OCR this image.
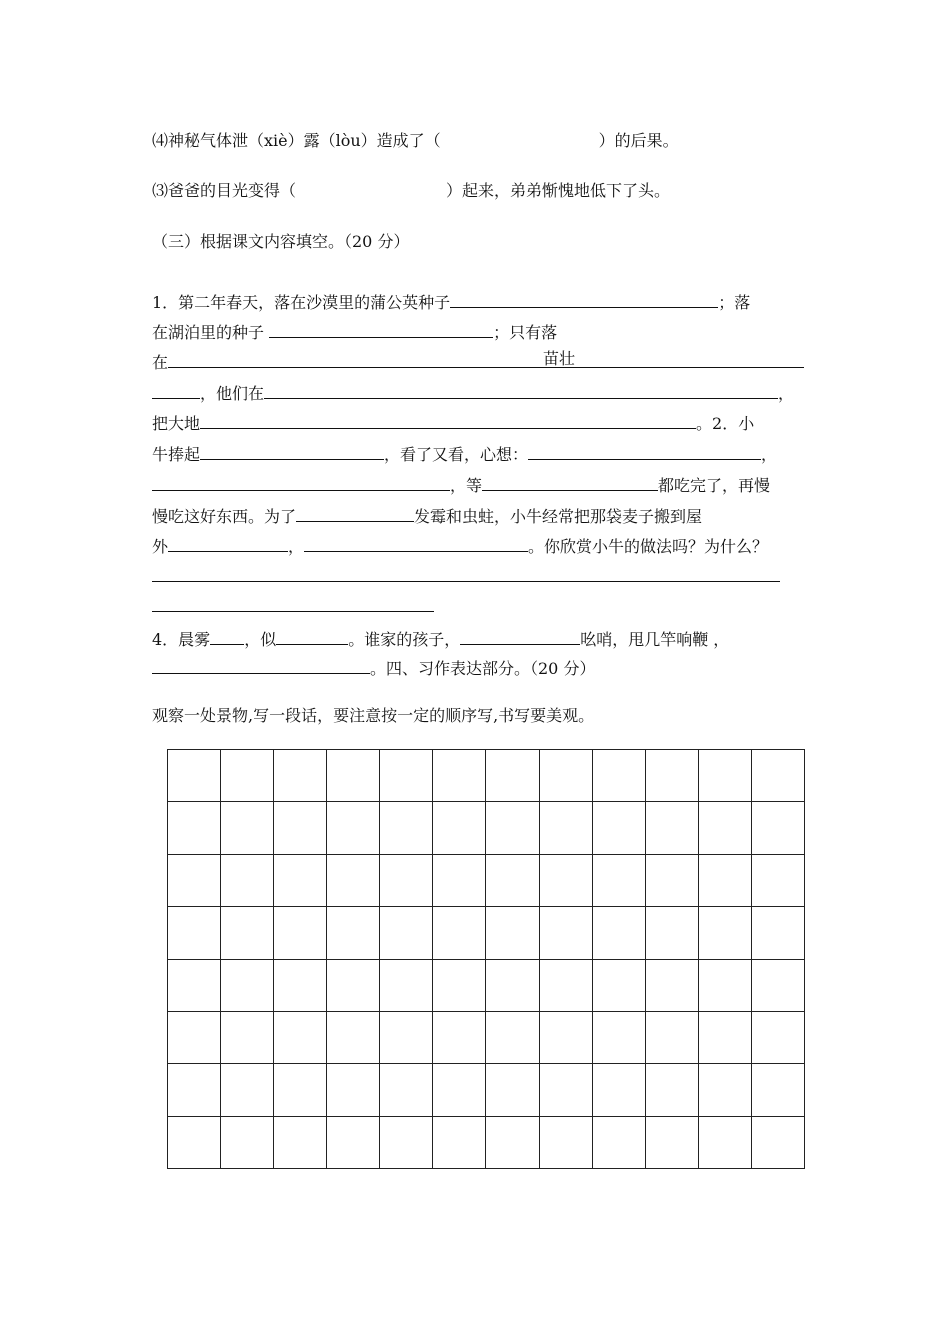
⑷神秘气体泄（xiè）露（lòu）造成了（	）的后果。
⑶爸爸的目光变得（	）起来，弟弟惭愧地低下了头。
（三）根据课文内容填空。（20 分）
1．第二年春天，落在沙漠里的蒲公英种子	；落
在湖泊里的种子	；只有落
在	苗壮
，他们在	，
把大地	。2．小
牛捧起	，看了又看，心想：	，
，等	都吃完了，再慢
慢吃这好东西。为了	发霉和虫蛀，小牛经常把那袋麦子搬到屋
外	，	。你欣赏小牛的做法吗？为什么？
4．晨雾 ，似	。谁家的孩子，	吆哨，甩几竿响鞭 ，
。四、习作表达部分。（20 分）
观察一处景物,写一段话，要注意按一定的顺序写,书写要美观。
